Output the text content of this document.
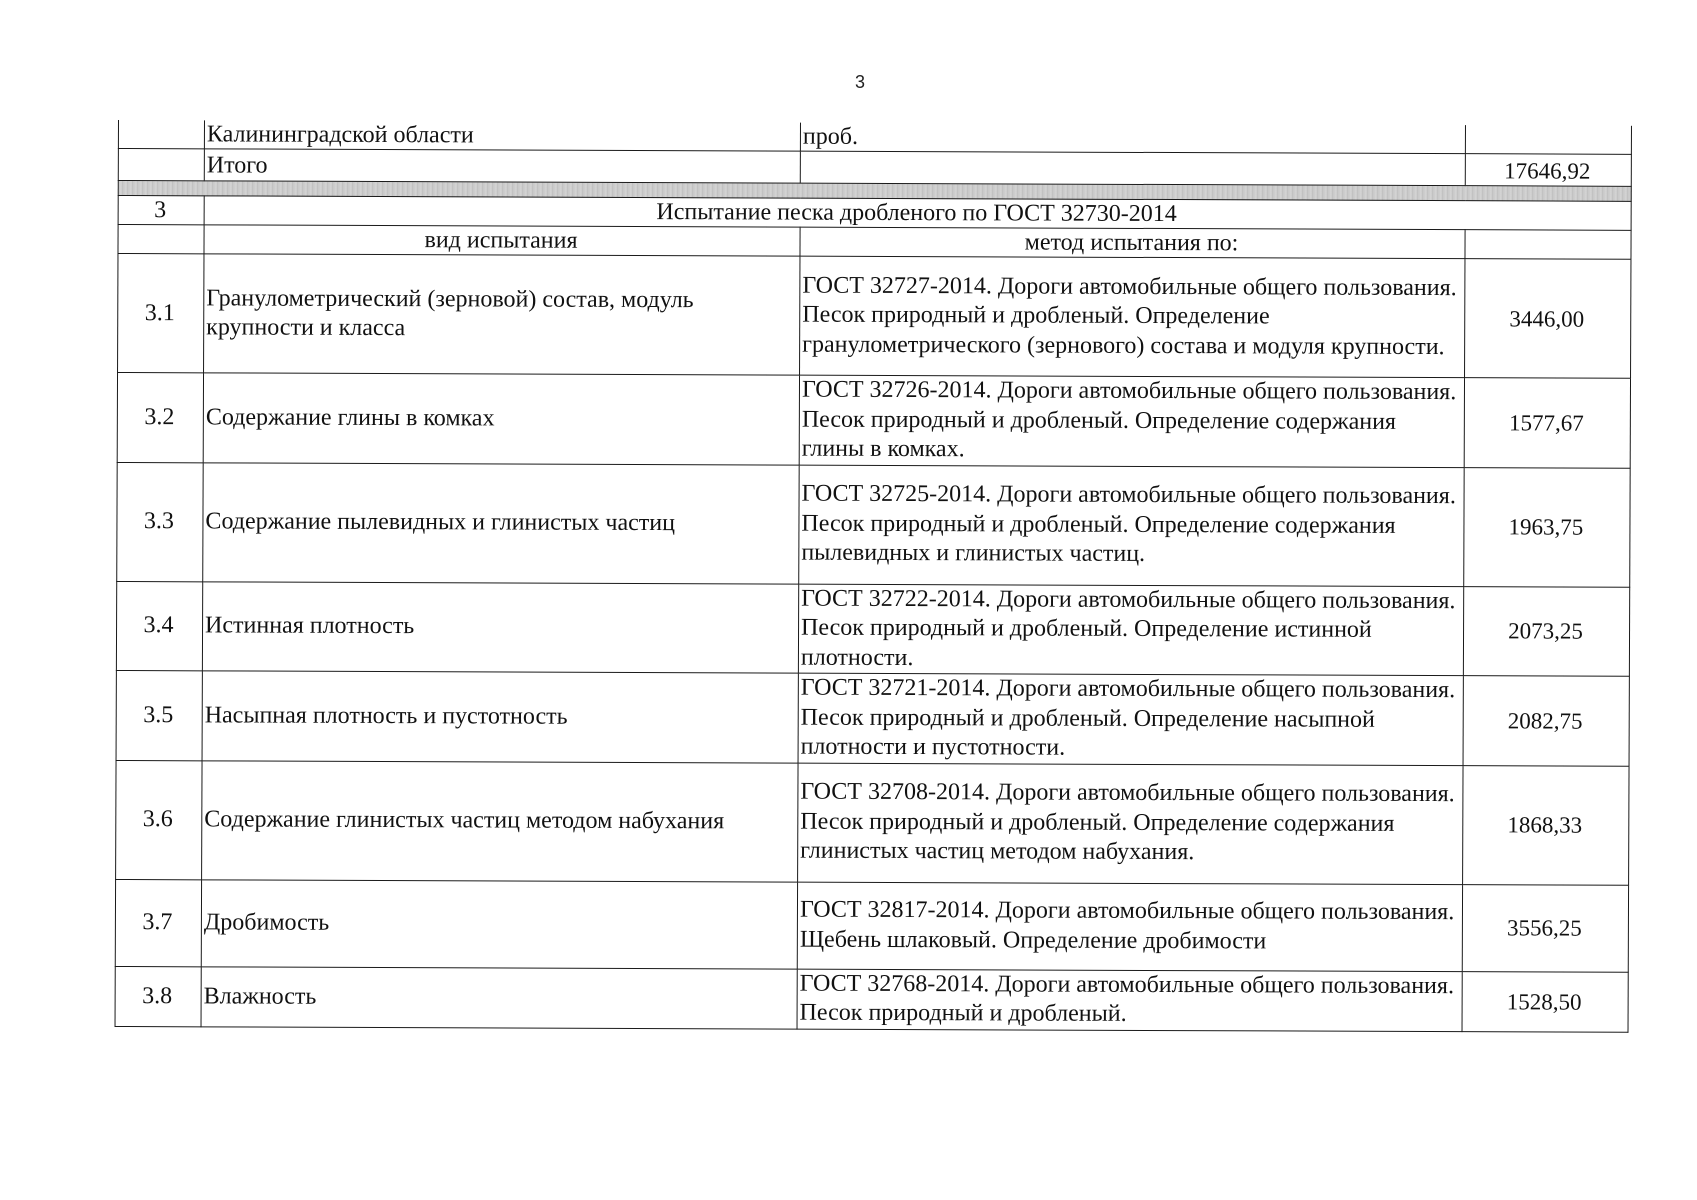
3
	Калининградской области	проб.	
	Итого		17646,92

3	Испытание песка дробленого по ГОСТ 32730-2014		
	вид испытания	метод испытания по:	
3.1	Гранулометрический (зерновой) состав, модуль крупности и класса	ГОСТ 32727-2014. Дороги автомобильные общего пользования. Песок природный и дробленый. Определение гранулометрического (зернового) состава и модуля крупности.	3446,00
3.2	Содержание глины в комках	ГОСТ 32726-2014. Дороги автомобильные общего пользования. Песок природный и дробленый. Определение содержания глины в комках.	1577,67
3.3	Содержание пылевидных и глинистых частиц	ГОСТ 32725-2014. Дороги автомобильные общего пользования. Песок природный и дробленый. Определение содержания пылевидных и глинистых частиц.	1963,75
3.4	Истинная плотность	ГОСТ 32722-2014. Дороги автомобильные общего пользования. Песок природный и дробленый. Определение истинной плотности.	2073,25
3.5	Насыпная плотность и пустотность	ГОСТ 32721-2014. Дороги автомобильные общего пользования. Песок природный и дробленый. Определение насыпной плотности и пустотности.	2082,75
3.6	Содержание глинистых частиц методом набухания	ГОСТ 32708-2014. Дороги автомобильные общего пользования. Песок природный и дробленый. Определение содержания глинистых частиц методом набухания.	1868,33
3.7	Дробимость	ГОСТ 32817-2014. Дороги автомобильные общего пользования. Щебень шлаковый. Определение дробимости	3556,25
3.8	Влажность	ГОСТ 32768-2014. Дороги автомобильные общего пользования. Песок природный и дробленый.	1528,50
